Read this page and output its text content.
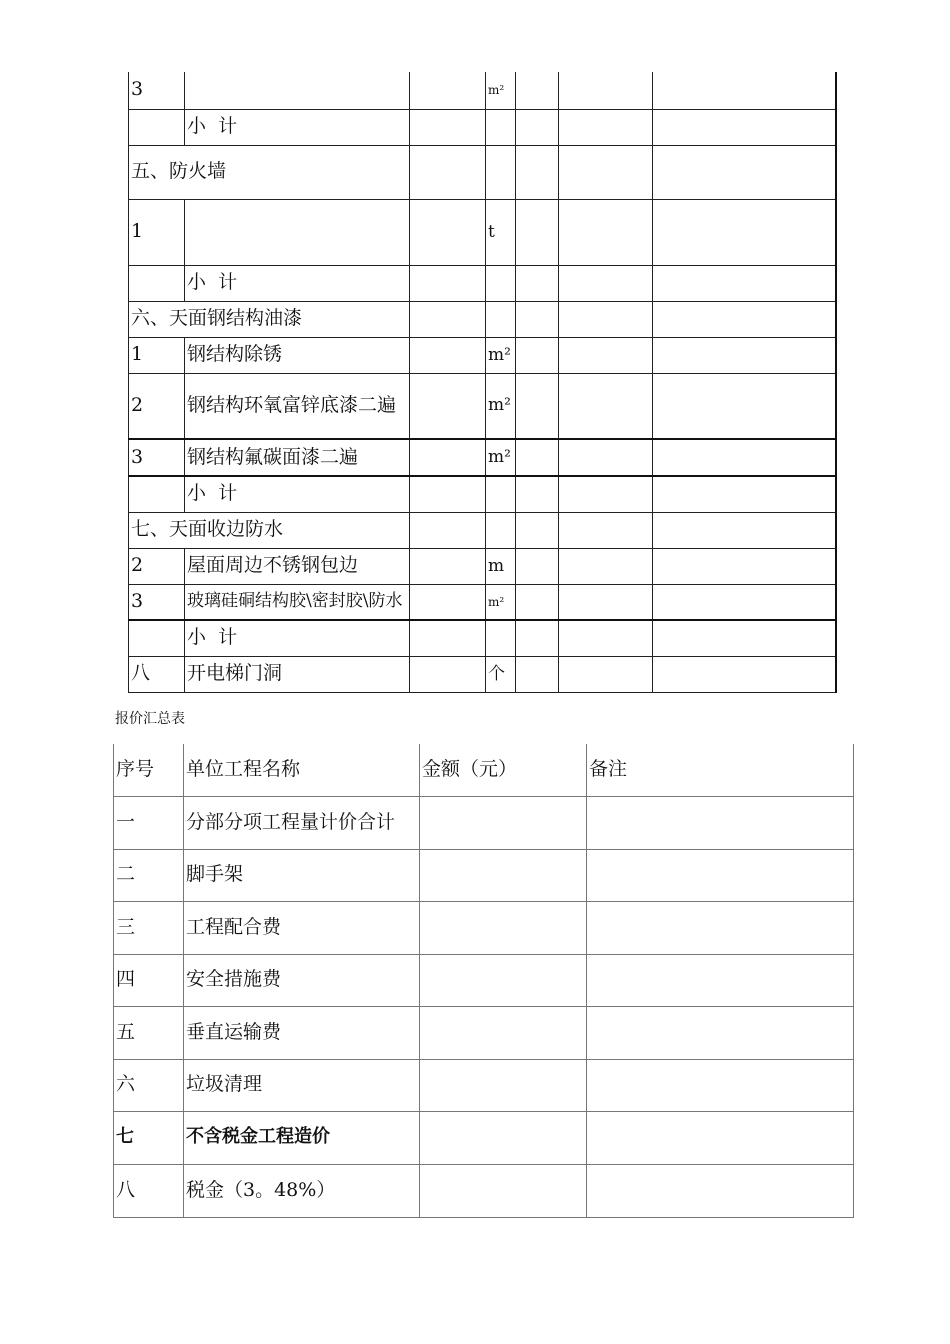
3			m²			
	小  计					
五、防火墙						
1			t			
	小  计					
六、天面钢结构油漆						
1	钢结构除锈		m²			
2	钢结构环氧富锌底漆二遍		m²			
3	钢结构氟碳面漆二遍		m²			
	小  计					
七、天面收边防水						
2	屋面周边不锈钢包边		m			
3	玻璃硅硐结构胶\密封胶\防水		m²			
	小  计					
八	开电梯门洞		个			
报价汇总表
序号	单位工程名称	金额（元）	备注
一	分部分项工程量计价合计		
二	脚手架		
三	工程配合费		
四	安全措施费		
五	垂直运输费		
六	垃圾清理		
七	不含税金工程造价		
八	税金（3。48%）		
